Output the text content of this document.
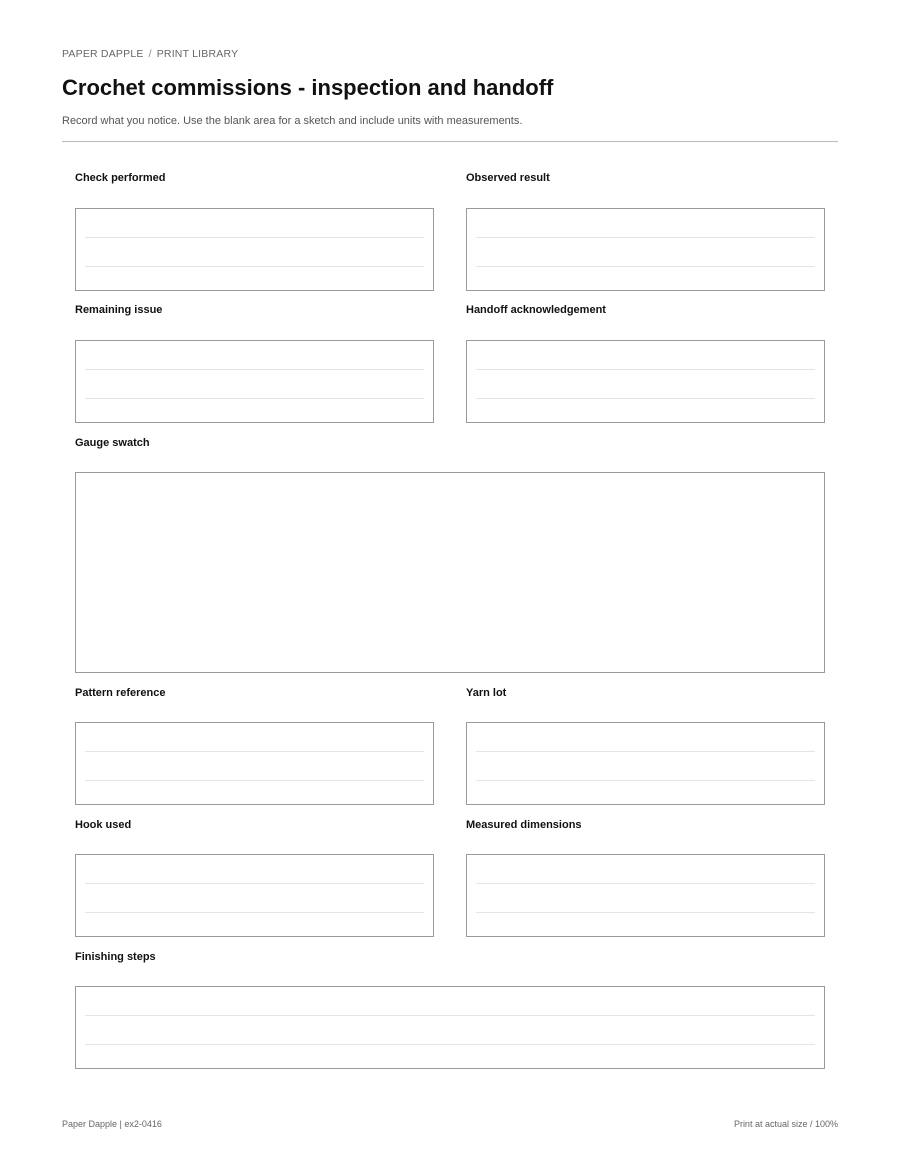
PAPER DAPPLE / PRINT LIBRARY
Crochet commissions - inspection and handoff

Record what you notice. Use the blank area for a sketch and include units with measurements.

Check performed	Observed result
Remaining issue	Handoff acknowledgement
Gauge swatch
Pattern reference	Yarn lot
Hook used	Measured dimensions
Finishing steps
Paper Dapple | ex2-0416	Print at actual size / 100%
